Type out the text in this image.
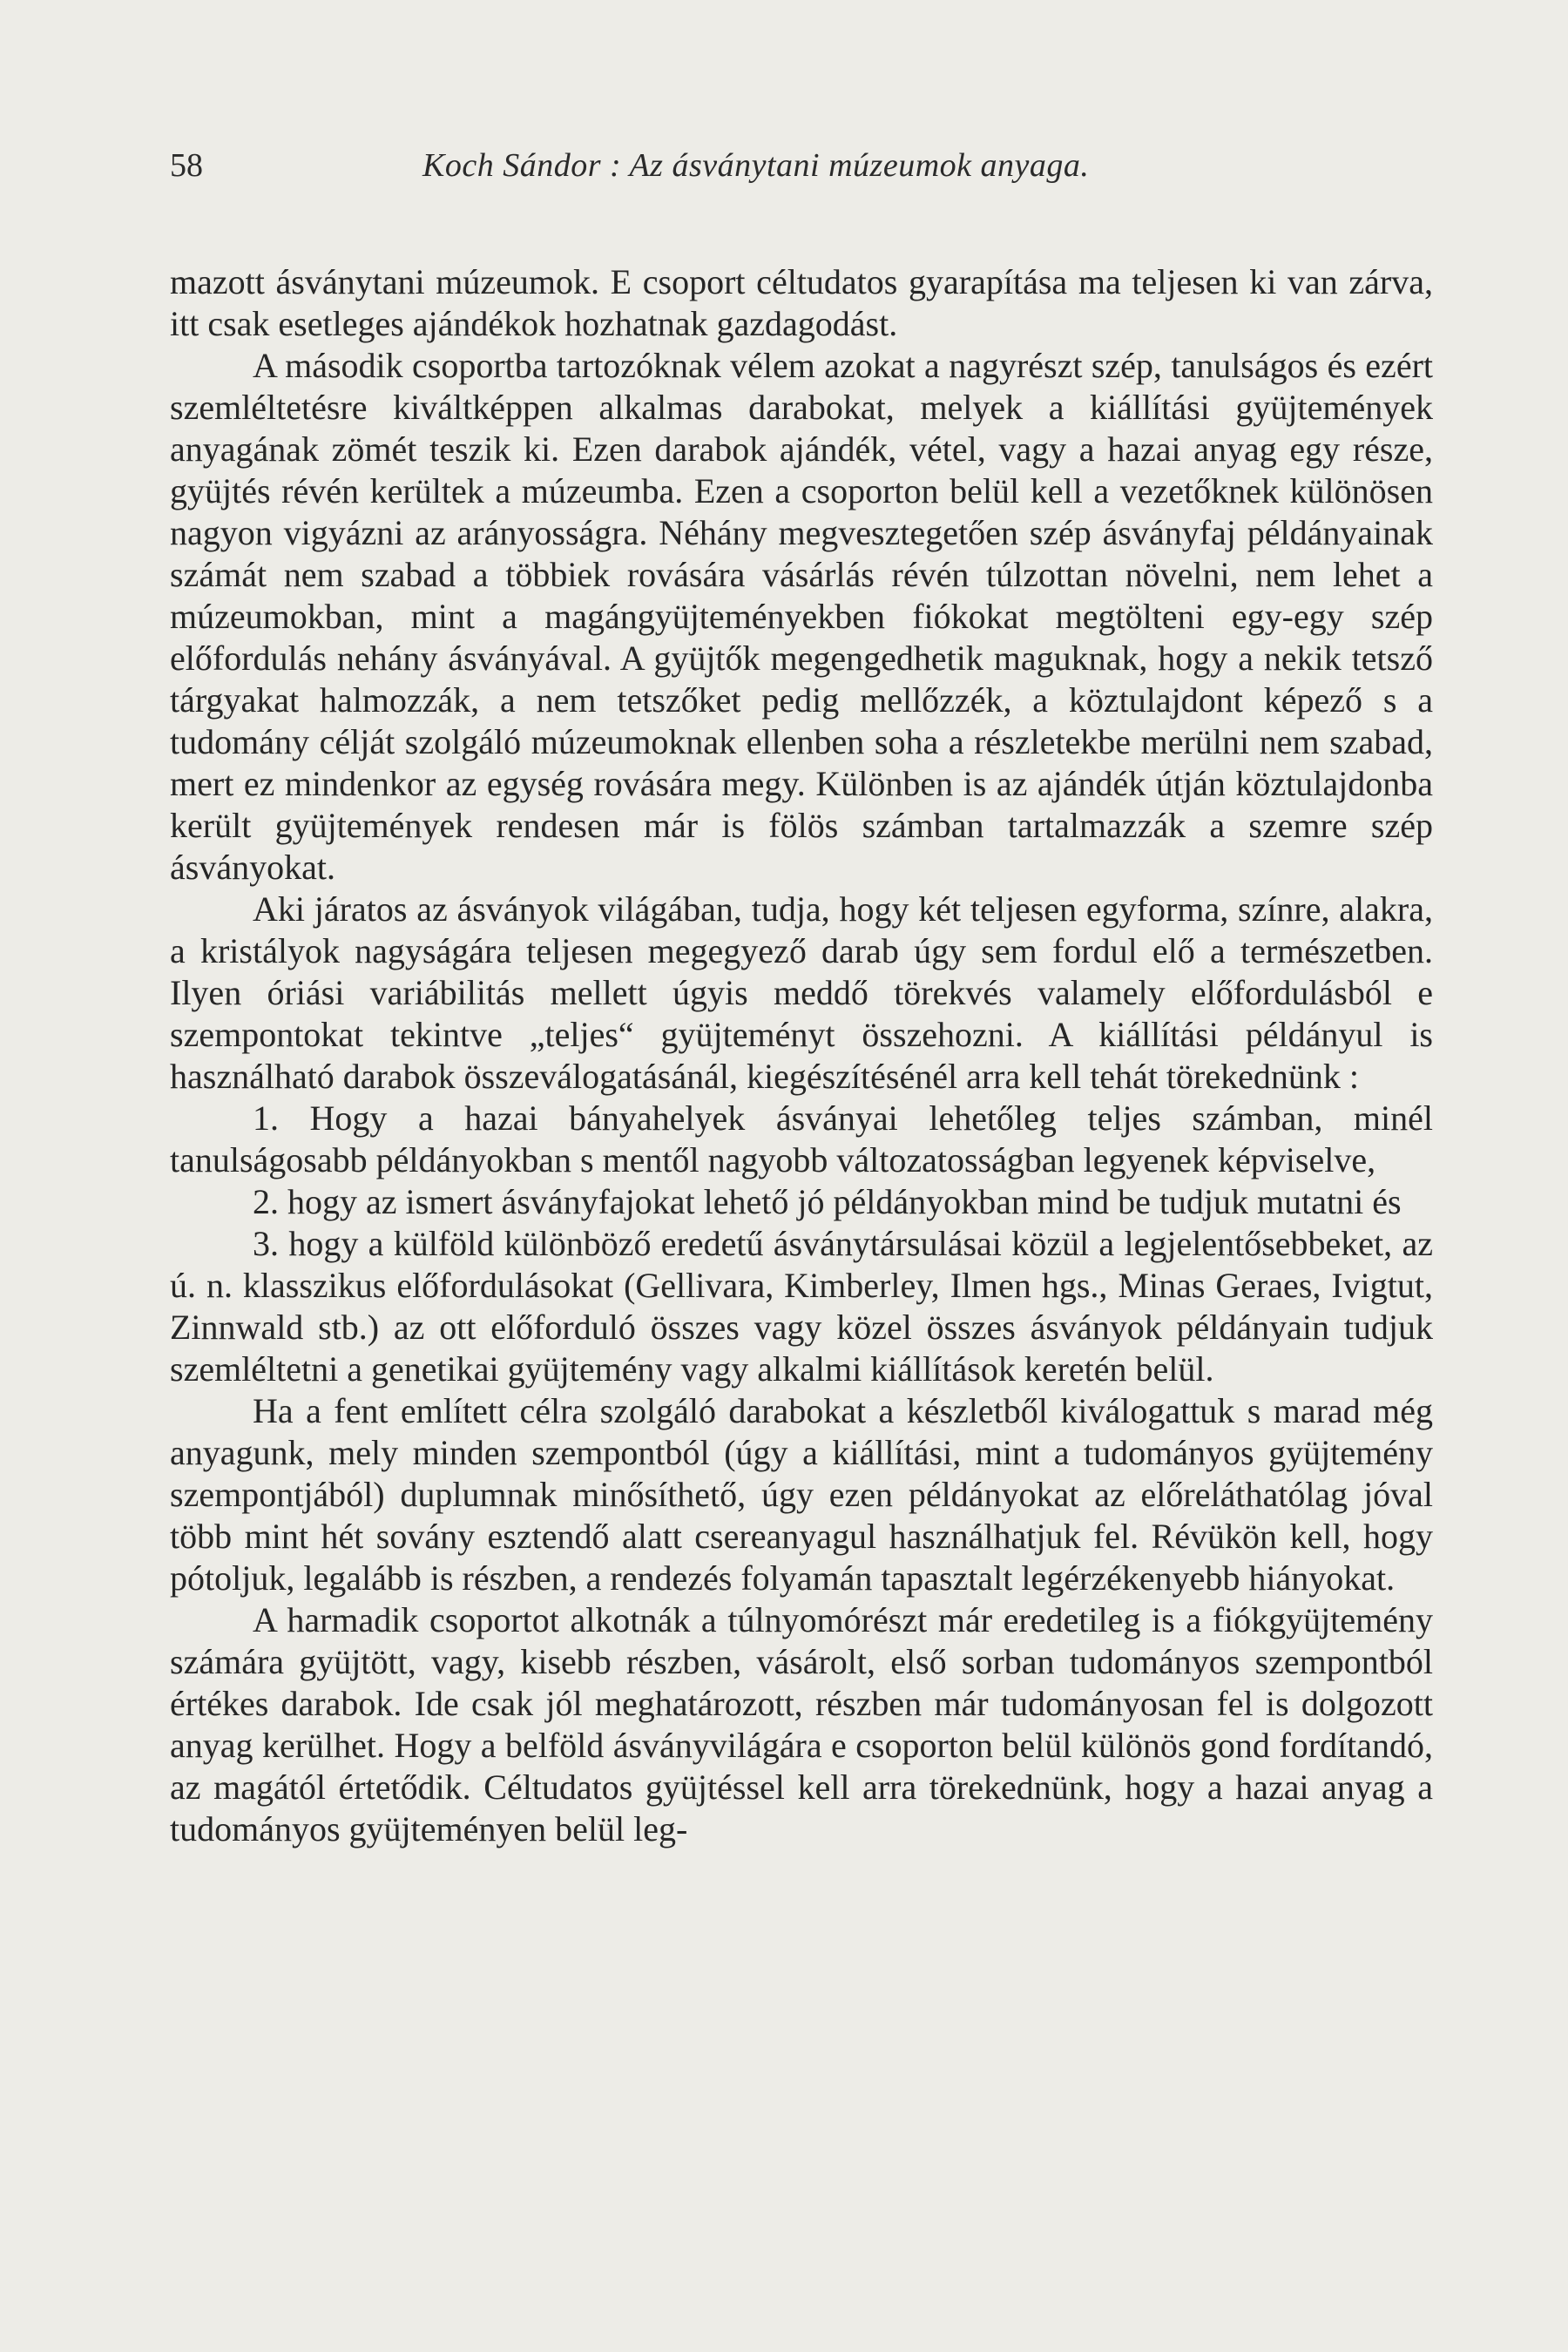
58	Koch Sándor : Az ásványtani múzeumok anyaga.

mazott ásványtani múzeumok. E csoport céltudatos gyarapítása ma teljesen ki van zárva, itt csak esetleges ajándékok hozhatnak gazdagodást.

A második csoportba tartozóknak vélem azokat a nagyrészt szép, tanulságos és ezért szemléltetésre kiváltképpen alkalmas darabokat, melyek a kiállítási gyüjtemények anyagának zömét teszik ki. Ezen darabok ajándék, vétel, vagy a hazai anyag egy része, gyüjtés révén kerültek a múzeumba. Ezen a csoporton belül kell a vezetőknek különösen nagyon vigyázni az arányosságra. Néhány megvesztegetően szép ásványfaj példányainak számát nem szabad a többiek rovására vásárlás révén túlzottan növelni, nem lehet a múzeumokban, mint a magángyüjteményekben fiókokat megtölteni egy-egy szép előfordulás nehány ásványával. A gyüjtők megengedhetik maguknak, hogy a nekik tetsző tárgyakat halmozzák, a nem tetszőket pedig mellőzzék, a köztulajdont képező s a tudomány célját szolgáló múzeumoknak ellenben soha a részletekbe merülni nem szabad, mert ez mindenkor az egység rovására megy. Különben is az ajándék útján köztulajdonba került gyüjtemények rendesen már is fölös számban tartalmazzák a szemre szép ásványokat.

Aki járatos az ásványok világában, tudja, hogy két teljesen egyforma, színre, alakra, a kristályok nagyságára teljesen megegyező darab úgy sem fordul elő a természetben. Ilyen óriási variábilitás mellett úgyis meddő törekvés valamely előfordulásból e szempontokat tekintve „teljes“ gyüjteményt összehozni. A kiállítási példányul is használható darabok összeválogatásánál, kiegészítésénél arra kell tehát törekednünk :

1. Hogy a hazai bányahelyek ásványai lehetőleg teljes számban, minél tanulságosabb példányokban s mentől nagyobb változatosságban legyenek képviselve,

2. hogy az ismert ásványfajokat lehető jó példányokban mind be tudjuk mutatni és

3. hogy a külföld különböző eredetű ásványtársulásai közül a legjelentősebbeket, az ú. n. klasszikus előfordulásokat (Gellivara, Kimberley, Ilmen hgs., Minas Geraes, Ivigtut, Zinnwald stb.) az ott előforduló összes vagy közel összes ásványok példányain tudjuk szemléltetni a genetikai gyüjtemény vagy alkalmi kiállítások keretén belül.

Ha a fent említett célra szolgáló darabokat a készletből kiválogattuk s marad még anyagunk, mely minden szempontból (úgy a kiállítási, mint a tudományos gyüjtemény szempontjából) duplumnak minősíthető, úgy ezen példányokat az előreláthatólag jóval több mint hét sovány esztendő alatt csereanyagul használhatjuk fel. Révükön kell, hogy pótoljuk, legalább is részben, a rendezés folyamán tapasztalt legérzékenyebb hiányokat.

A harmadik csoportot alkotnák a túlnyomórészt már eredetileg is a fiókgyüjtemény számára gyüjtött, vagy, kisebb részben, vásárolt, első sorban tudományos szempontból értékes darabok. Ide csak jól meghatározott, részben már tudományosan fel is dolgozott anyag kerülhet. Hogy a belföld ásványvilágára e csoporton belül különös gond fordítandó, az magától értetődik. Céltudatos gyüjtéssel kell arra törekednünk, hogy a hazai anyag a tudományos gyüjteményen belül leg-
